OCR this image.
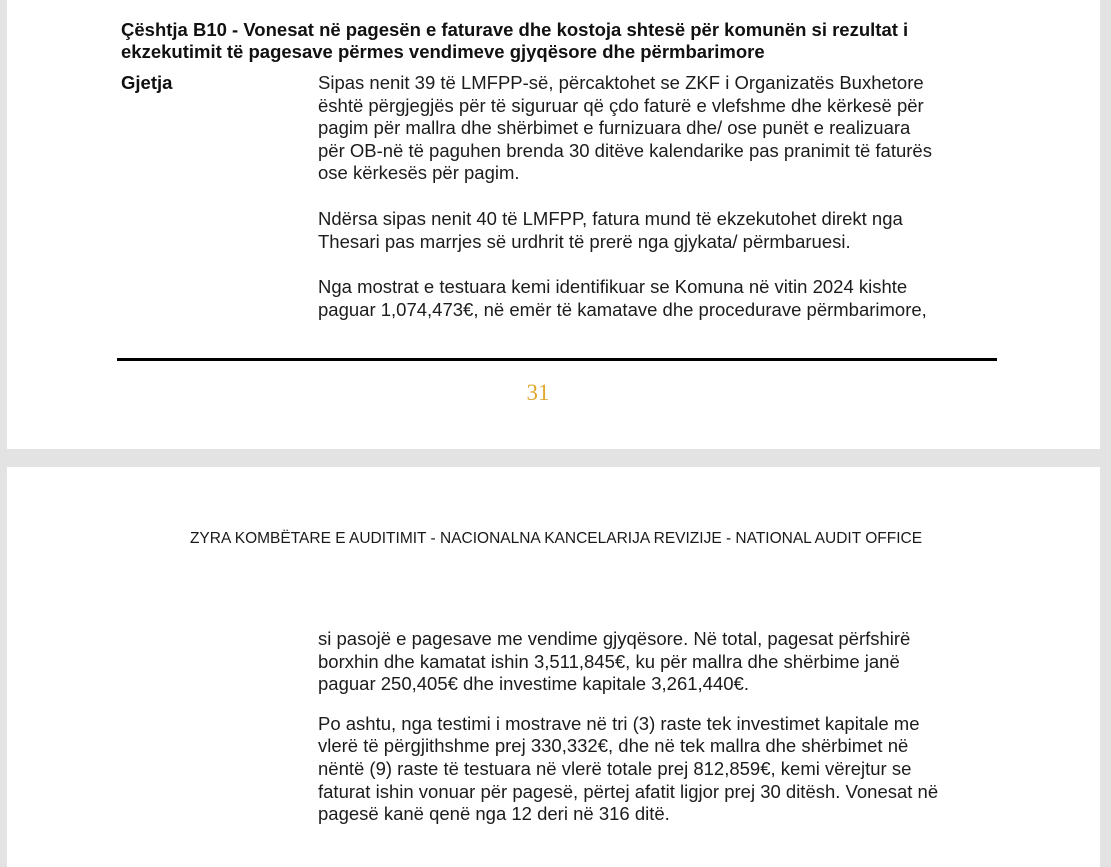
Çështja B10 - Vonesat në pagesën e faturave dhe kostoja shtesë për komunën si rezultat i ekzekutimit të pagesave përmes vendimeve gjyqësore dhe përmbarimore
Gjetja	Sipas nenit 39 të LMFPP-së, përcaktohet se ZKF i Organizatës Buxhetore
është përgjegjës për të siguruar që çdo faturë e vlefshme dhe kërkesë për
pagim për mallra dhe shërbimet e furnizuara dhe/ ose punët e realizuara
për OB-në të paguhen brenda 30 ditëve kalendarike pas pranimit të faturës
ose kërkesës për pagim.

Ndërsa sipas nenit 40 të LMFPP, fatura mund të ekzekutohet direkt nga
Thesari pas marrjes së urdhrit të prerë nga gjykata/ përmbaruesi.

Nga mostrat e testuara kemi identifikuar se Komuna në vitin 2024 kishte
paguar 1,074,473€, në emër të kamatave dhe procedurave përmbarimore,

31
ZYRA KOMBËTARE E AUDITIMIT - NACIONALNA KANCELARIJA REVIZIJE - NATIONAL AUDIT OFFICE

si pasojë e pagesave me vendime gjyqësore. Në total, pagesat përfshirë
borxhin dhe kamatat ishin 3,511,845€, ku për mallra dhe shërbime janë
paguar 250,405€ dhe investime kapitale 3,261,440€.

Po ashtu, nga testimi i mostrave në tri (3) raste tek investimet kapitale me
vlerë të përgjithshme prej 330,332€, dhe në tek mallra dhe shërbimet në
nëntë (9) raste të testuara në vlerë totale prej 812,859€, kemi vërejtur se
faturat ishin vonuar për pagesë, përtej afatit ligjor prej 30 ditësh. Vonesat në
pagesë kanë qenë nga 12 deri në 316 ditë.
